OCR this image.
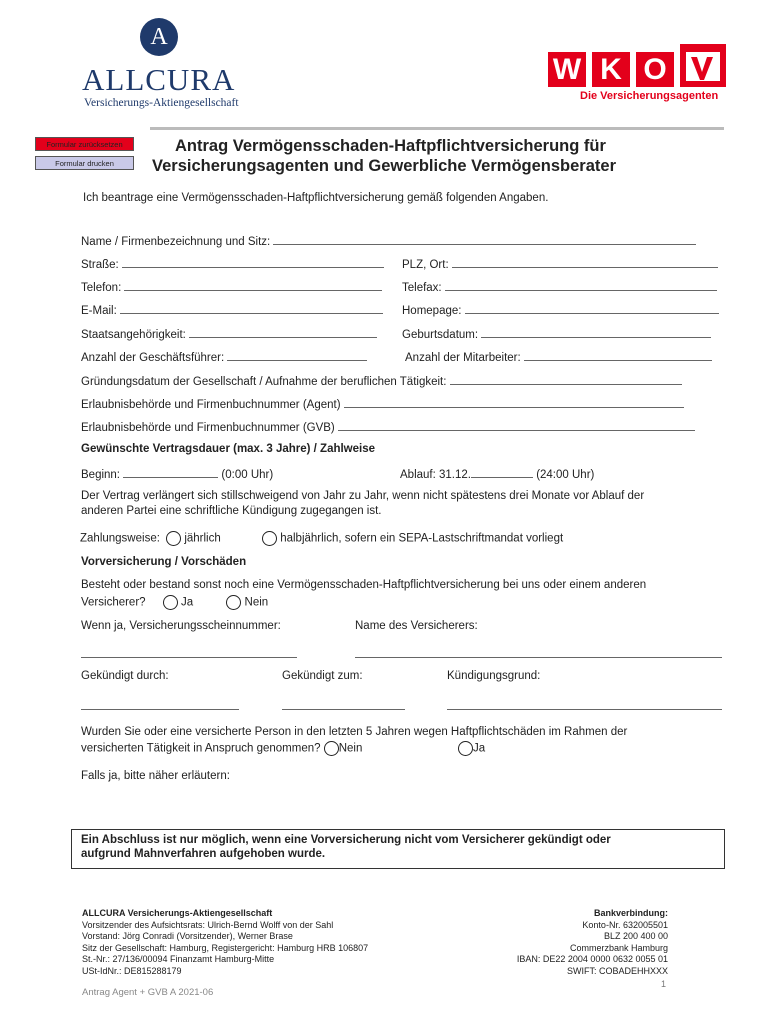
A
ALLCURA
Versicherungs-Aktiengesellschaft
W K O
Die Versicherungsagenten
Formular zurücksetzen
Formular drucken
Antrag Vermögensschaden-Haftpflichtversicherung für
Versicherungsagenten und Gewerbliche Vermögensberater
Ich beantrage eine Vermögensschaden-Haftpflichtversicherung gemäß folgenden Angaben.
Name / Firmenbezeichnung und Sitz:
Straße:	PLZ, Ort:
Telefon:	Telefax:
E-Mail:	Homepage:
Staatsangehörigkeit:	Geburtsdatum:
Anzahl der Geschäftsführer:	Anzahl der Mitarbeiter:
Gründungsdatum der Gesellschaft / Aufnahme der beruflichen Tätigkeit:
Erlaubnisbehörde und Firmenbuchnummer (Agent)
Erlaubnisbehörde und Firmenbuchnummer (GVB)
Gewünschte Vertragsdauer (max. 3 Jahre) / Zahlweise
Beginn:	(0:00 Uhr)	Ablauf: 31.12.	(24:00 Uhr)
Der Vertrag verlängert sich stillschweigend von Jahr zu Jahr, wenn nicht spätestens drei Monate vor Ablauf der
anderen Partei eine schriftliche Kündigung zugegangen ist.
Zahlungsweise: jährlich	halbjährlich, sofern ein SEPA-Lastschriftmandat vorliegt
Vorversicherung / Vorschäden
Besteht oder bestand sonst noch eine Vermögensschaden-Haftpflichtversicherung bei uns oder einem anderen
Versicherer?	Ja	Nein
Wenn ja, Versicherungsscheinnummer:	Name des Versicherers:
Gekündigt durch:	Gekündigt zum:	Kündigungsgrund:
Wurden Sie oder eine versicherte Person in den letzten 5 Jahren wegen Haftpflichtschäden im Rahmen der
versicherten Tätigkeit in Anspruch genommen? Nein	Ja
Falls ja, bitte näher erläutern:
Ein Abschluss ist nur möglich, wenn eine Vorversicherung nicht vom Versicherer gekündigt oder
aufgrund Mahnverfahren aufgehoben wurde.
ALLCURA Versicherungs-Aktiengesellschaft
Vorsitzender des Aufsichtsrats: Ulrich-Bernd Wolff von der Sahl
Vorstand: Jörg Conradi (Vorsitzender), Werner Brase
Sitz der Gesellschaft: Hamburg, Registergericht: Hamburg HRB 106807
St.-Nr.: 27/136/00094 Finanzamt Hamburg-Mitte
USt-IdNr.: DE815288179
Bankverbindung:
Konto-Nr. 632005501
BLZ 200 400 00
Commerzbank Hamburg
IBAN: DE22 2004 0000 0632 0055 01
SWIFT: COBADEHHXXX
1
Antrag Agent + GVB A 2021-06
